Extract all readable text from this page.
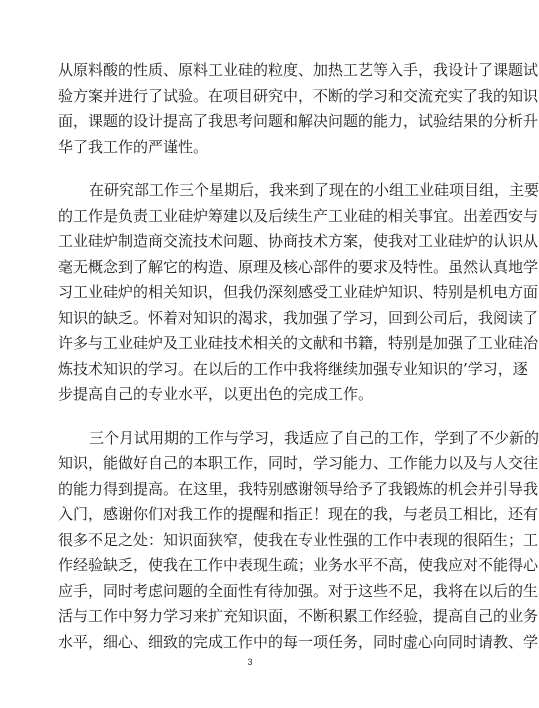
从原料酸的性质、原料工业硅的粒度、加热工艺等入手，我设计了课题试
验方案并进行了试验。在项目研究中，不断的学习和交流充实了我的知识
面，课题的设计提高了我思考问题和解决问题的能力，试验结果的分析升
华了我工作的严谨性。
在研究部工作三个星期后，我来到了现在的小组工业硅项目组，主要
的工作是负责工业硅炉筹建以及后续生产工业硅的相关事宜。出差西安与
工业硅炉制造商交流技术问题、协商技术方案，使我对工业硅炉的认识从
毫无概念到了解它的构造、原理及核心部件的要求及特性。虽然认真地学
习工业硅炉的相关知识，但我仍深刻感受工业硅炉知识、特别是机电方面
知识的缺乏。怀着对知识的渴求，我加强了学习，回到公司后，我阅读了
许多与工业硅炉及工业硅技术相关的文献和书籍，特别是加强了工业硅冶
炼技术知识的学习。在以后的工作中我将继续加强专业知识的’学习，逐
步提高自己的专业水平，以更出色的完成工作。
三个月试用期的工作与学习，我适应了自己的工作，学到了不少新的
知识，能做好自己的本职工作，同时，学习能力、工作能力以及与人交往
的能力得到提高。在这里，我特别感谢领导给予了我锻炼的机会并引导我
入门，感谢你们对我工作的提醒和指正！现在的我，与老员工相比，还有
很多不足之处：知识面狭窄，使我在专业性强的工作中表现的很陌生；工
作经验缺乏，使我在工作中表现生疏；业务水平不高，使我应对不能得心
应手，同时考虑问题的全面性有待加强。对于这些不足，我将在以后的生
活与工作中努力学习来扩充知识面，不断积累工作经验，提高自己的业务
水平，细心、细致的完成工作中的每一项任务，同时虚心向同时请教、学
3
